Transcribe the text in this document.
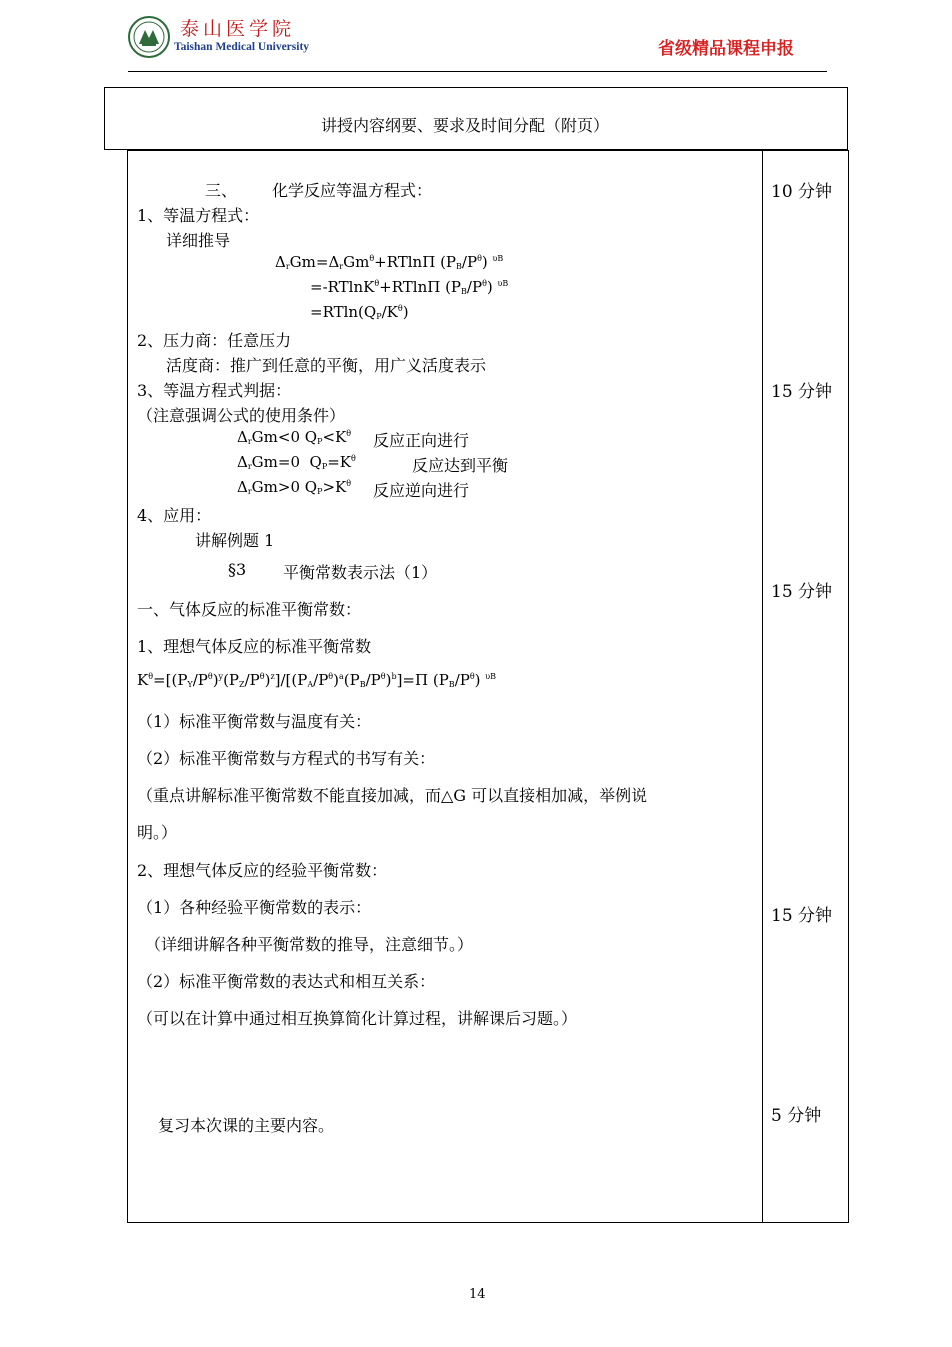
泰山医学院
Taishan Medical University	省级精品课程申报
讲授内容纲要、要求及时间分配（附页）
三、 化学反应等温方程式：
1、等温方程式：
详细推导
$\Delta_rGm=\Delta_rGm^\theta+RTln\Pi$ $(P_B/P^\theta)$ $^{\upsilon B}$
=-RTlnK$^\theta$+RTlnΠ $(P_B/P^\theta)$ $^{\upsilon B}$
$=RTln(Q_P/K^\theta)$
2、压力商：任意压力
活度商：推广到任意的平衡，用广义活度表示
3、等温方程式判据：
（注意强调公式的使用条件）
$\Delta_rGm<0$ $Q_P<K^\theta$ 反应正向进行
$\Delta_rGm=0$  $Q_P=K^\theta$	反应达到平衡
$\Delta_rGm>0$ $Q_P>K^\theta$ 反应逆向进行
4、应用：
讲解例题 1
§3 平衡常数表示法（1）
一、气体反应的标准平衡常数：
1、理想气体反应的标准平衡常数
$K^\theta=[(P_Y/P^\theta)^y(P_Z/P^\theta)^z]/[(P_A/P^\theta)^a(P_B/P^\theta)^b]=\Pi$ $(P_B/P^\theta)$ $^{\upsilon B}$
（1）标准平衡常数与温度有关：
（2）标准平衡常数与方程式的书写有关：
（重点讲解标准平衡常数不能直接加减，而△G 可以直接相加减，举例说
明。）
2、理想气体反应的经验平衡常数：
（1）各种经验平衡常数的表示：
（详细讲解各种平衡常数的推导，注意细节。）
（2）标准平衡常数的表达式和相互关系：
（可以在计算中通过相互换算简化计算过程，讲解课后习题。）
复习本次课的主要内容。
10 分钟
15 分钟
15 分钟
15 分钟
5 分钟
14
